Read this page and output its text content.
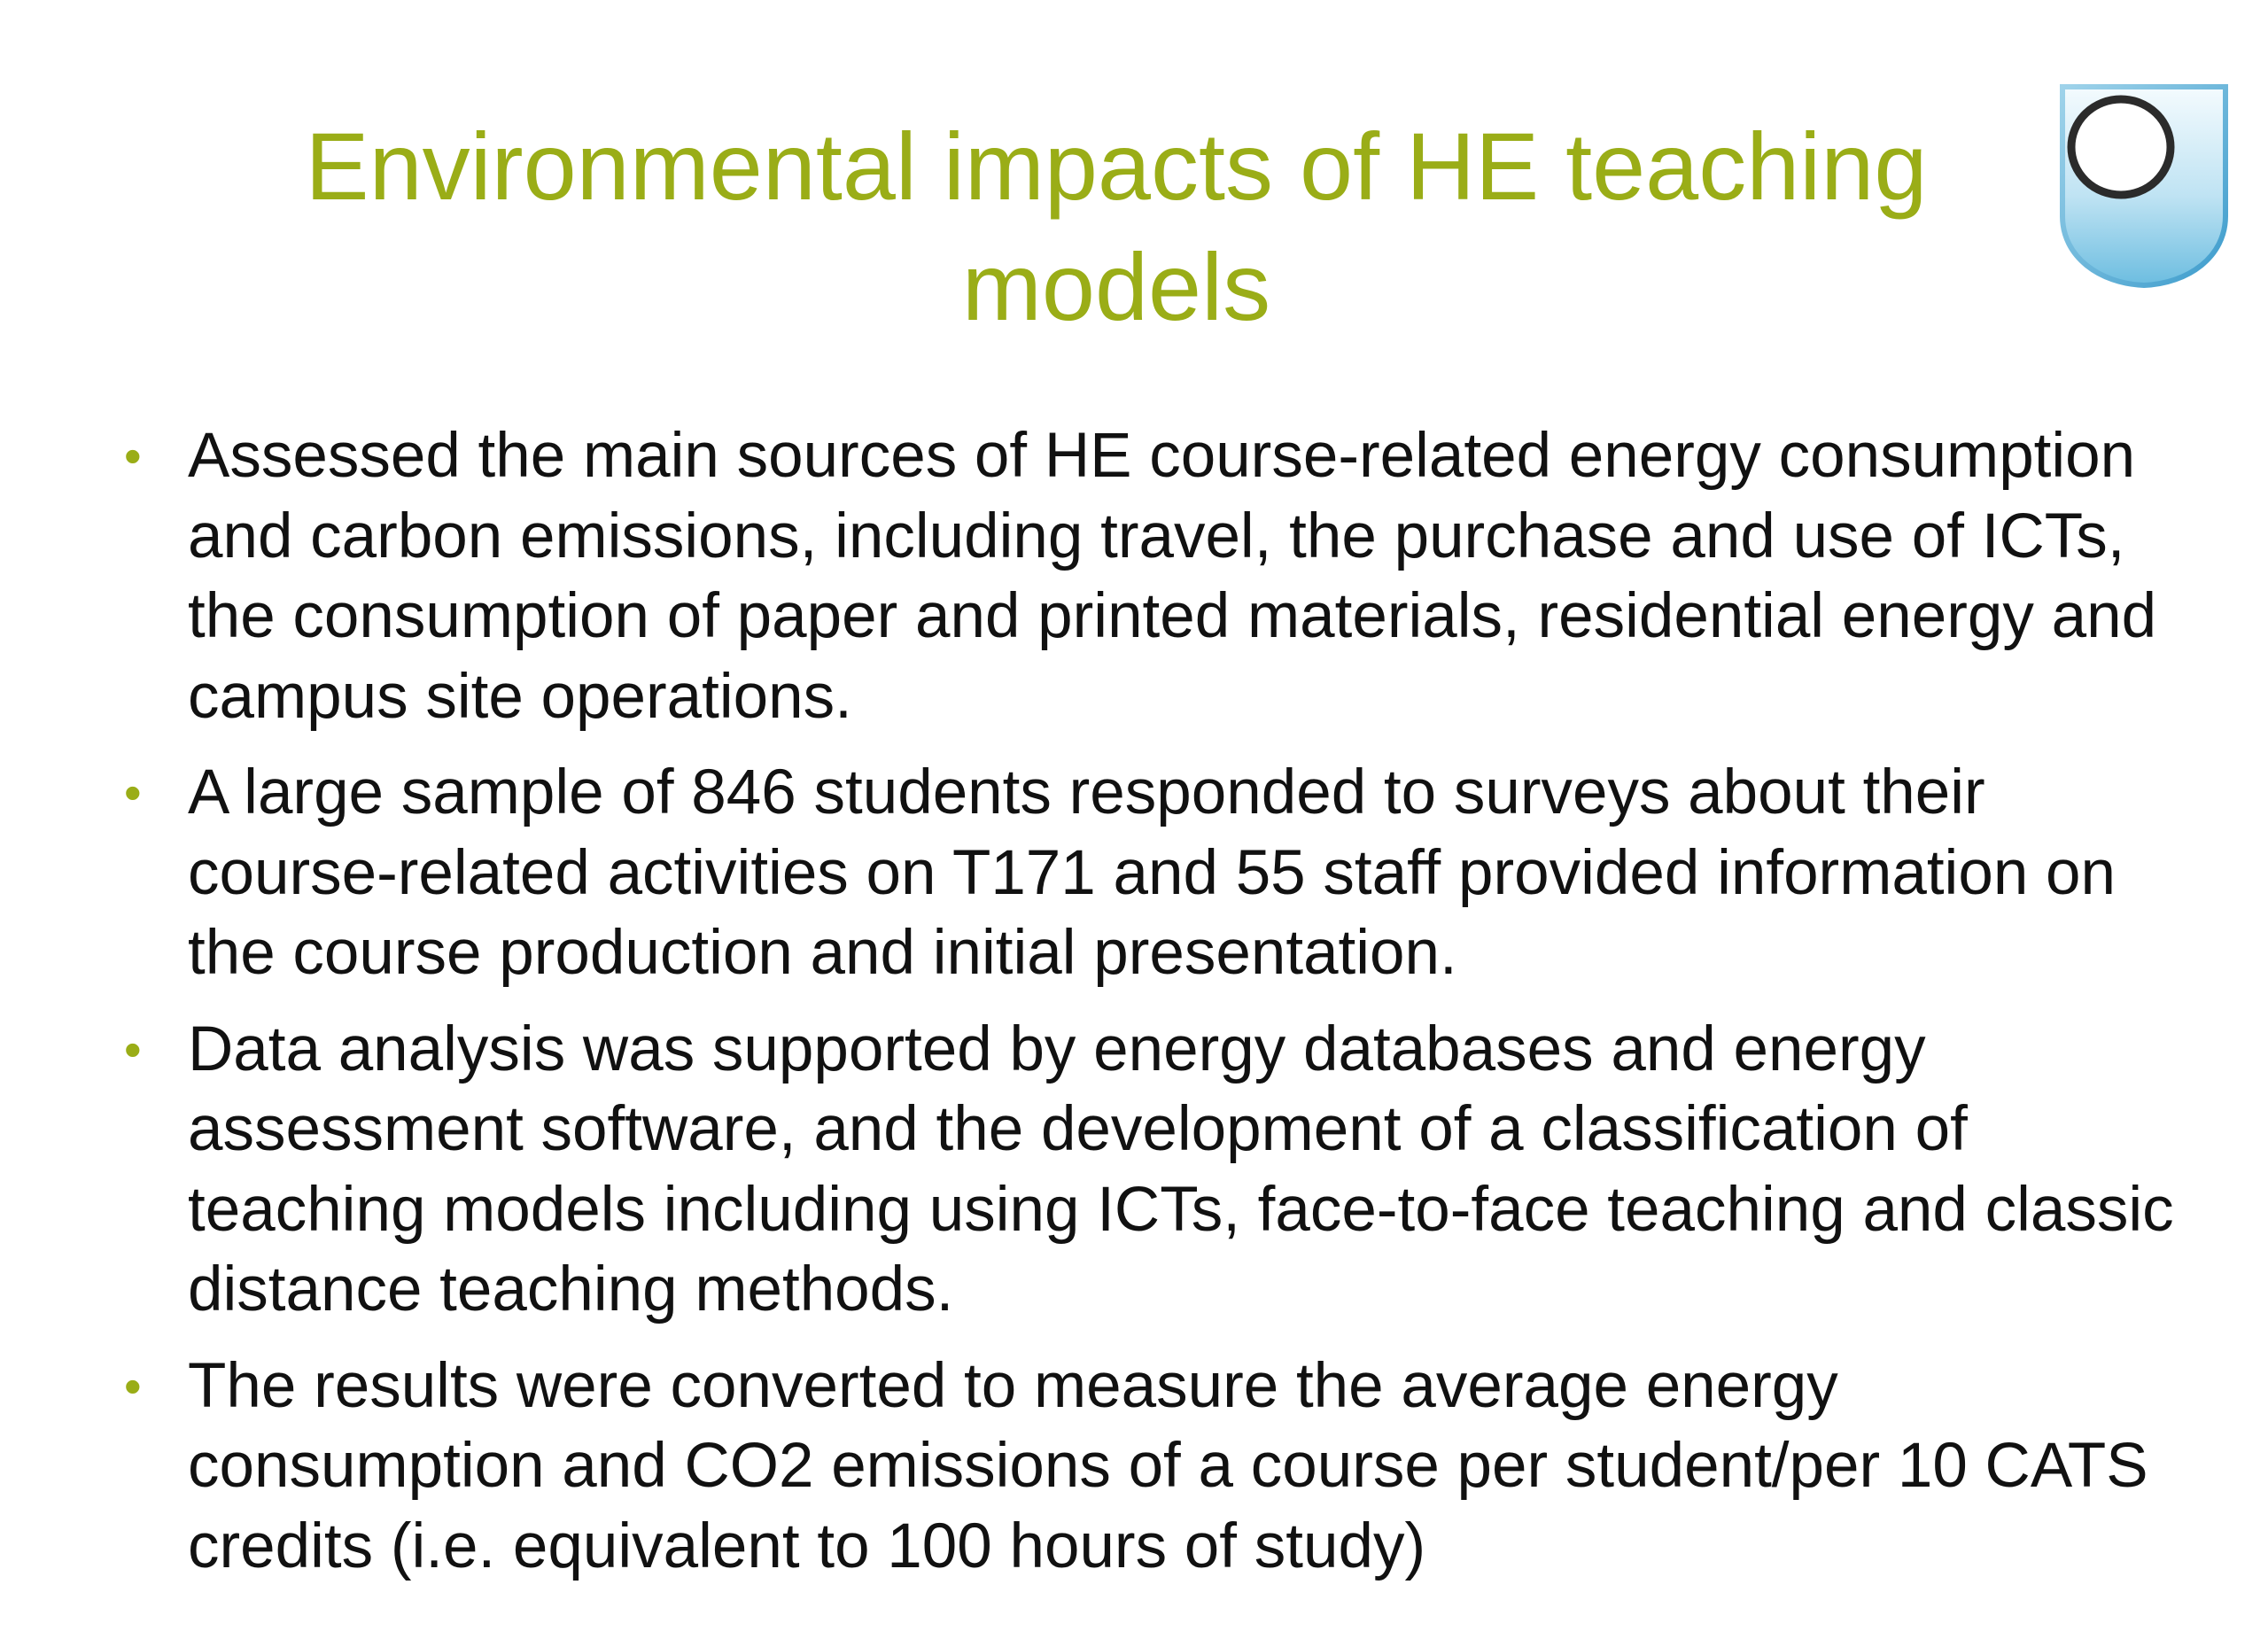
Environmental impacts of HE teaching models
• Assessed the main sources of HE course-related energy consumption and carbon emissions, including travel, the purchase and use of ICTs, the consumption of paper and printed materials, residential energy and campus site operations.
• A large sample of 846 students responded to surveys about their course-related activities on T171 and 55 staff provided information on the course production and initial presentation.
• Data analysis was supported by energy databases and energy assessment software, and the development of a classification of teaching models including using ICTs, face-to-face teaching and classic distance teaching methods.
• The results were converted to measure the average energy consumption and CO2 emissions of a course per student/per 10 CATS credits (i.e. equivalent to 100 hours of study)
